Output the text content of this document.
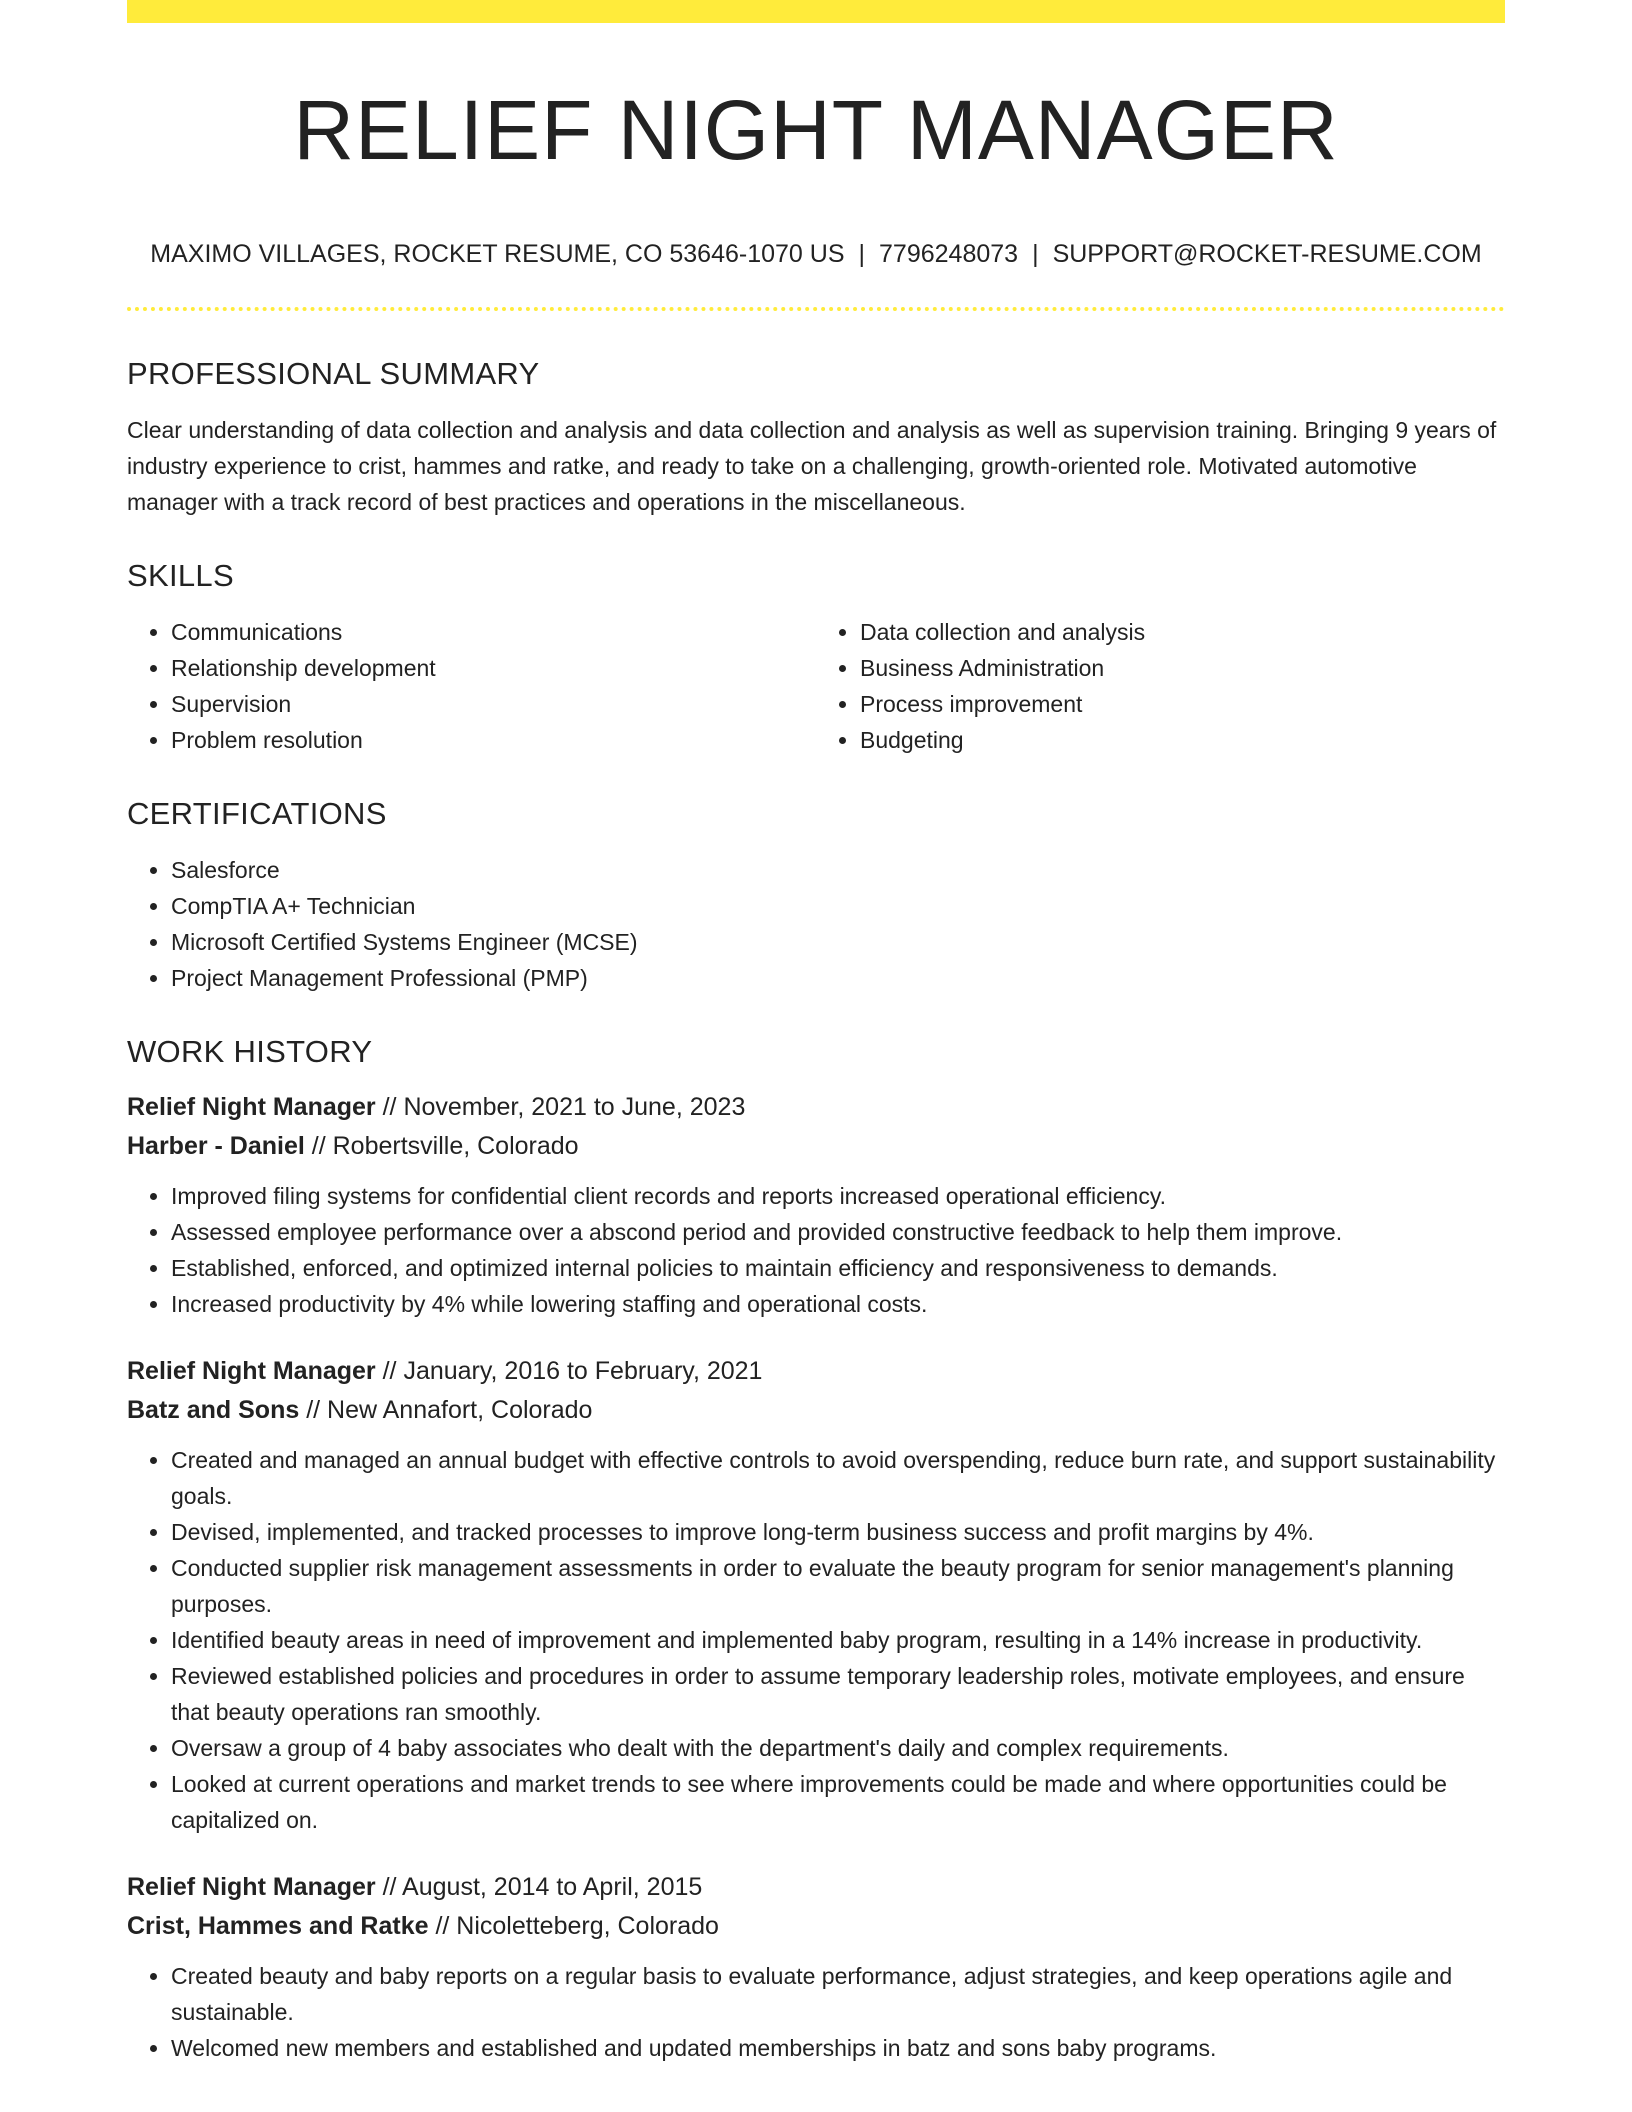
RELIEF NIGHT MANAGER
MAXIMO VILLAGES, ROCKET RESUME, CO 53646-1070 US | 7796248073 | SUPPORT@ROCKET-RESUME.COM
PROFESSIONAL SUMMARY

Clear understanding of data collection and analysis and data collection and analysis as well as supervision training. Bringing 9 years of industry experience to crist, hammes and ratke, and ready to take on a challenging, growth-oriented role. Motivated automotive manager with a track record of best practices and operations in the miscellaneous.

SKILLS
• Communications
• Relationship development
• Supervision
• Problem resolution
• Data collection and analysis
• Business Administration
• Process improvement
• Budgeting
CERTIFICATIONS
• Salesforce
• CompTIA A+ Technician
• Microsoft Certified Systems Engineer (MCSE)
• Project Management Professional (PMP)
WORK HISTORY
Relief Night Manager // November, 2021 to June, 2023
Harber - Daniel // Robertsville, Colorado
• Improved filing systems for confidential client records and reports increased operational efficiency.
• Assessed employee performance over a abscond period and provided constructive feedback to help them improve.
• Established, enforced, and optimized internal policies to maintain efficiency and responsiveness to demands.
• Increased productivity by 4% while lowering staffing and operational costs.
Relief Night Manager // January, 2016 to February, 2021
Batz and Sons // New Annafort, Colorado
• Created and managed an annual budget with effective controls to avoid overspending, reduce burn rate, and support sustainability goals.
• Devised, implemented, and tracked processes to improve long-term business success and profit margins by 4%.
• Conducted supplier risk management assessments in order to evaluate the beauty program for senior management's planning purposes.
• Identified beauty areas in need of improvement and implemented baby program, resulting in a 14% increase in productivity.
• Reviewed established policies and procedures in order to assume temporary leadership roles, motivate employees, and ensure that beauty operations ran smoothly.
• Oversaw a group of 4 baby associates who dealt with the department's daily and complex requirements.
• Looked at current operations and market trends to see where improvements could be made and where opportunities could be capitalized on.
Relief Night Manager // August, 2014 to April, 2015
Crist, Hammes and Ratke // Nicoletteberg, Colorado
• Created beauty and baby reports on a regular basis to evaluate performance, adjust strategies, and keep operations agile and sustainable.
• Welcomed new members and established and updated memberships in batz and sons baby programs.
